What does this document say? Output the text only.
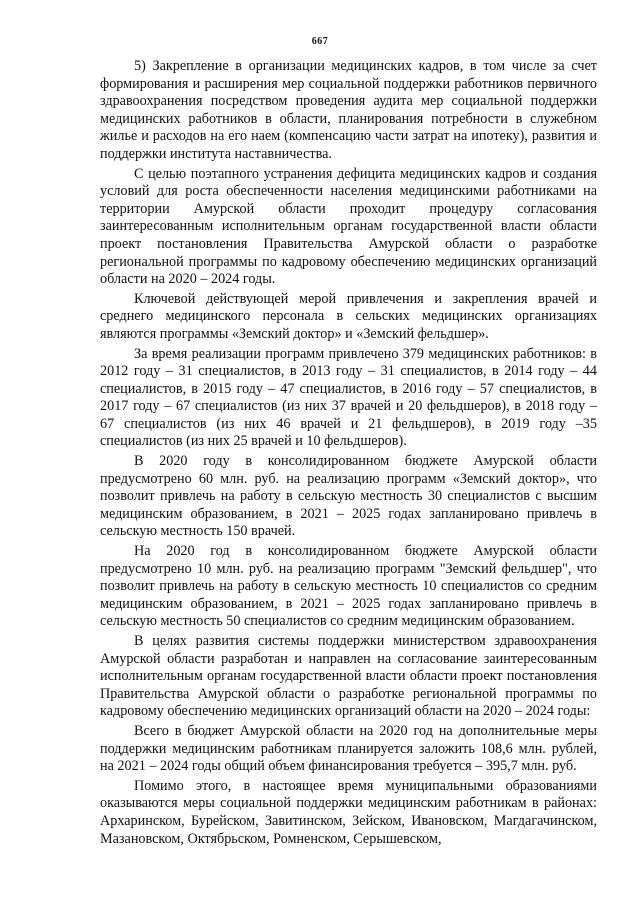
667

5) Закрепление в организации медицинских кадров, в том числе за счет формирования и расширения мер социальной поддержки работников первичного здравоохранения посредством проведения аудита мер социальной поддержки медицинских работников в области, планирования потребности в служебном жилье и расходов на его наем (компенсацию части затрат на ипотеку), развития и поддержки института наставничества.

С целью поэтапного устранения дефицита медицинских кадров и создания условий для роста обеспеченности населения медицинскими работниками на территории Амурской области проходит процедуру согласования заинтересованным исполнительным органам государственной власти области проект постановления Правительства Амурской области о разработке региональной программы по кадровому обеспечению медицинских организаций области на 2020 – 2024 годы.

Ключевой действующей мерой привлечения и закрепления врачей и среднего медицинского персонала в сельских медицинских организациях являются программы «Земский доктор» и «Земский фельдшер».

За время реализации программ привлечено 379 медицинских работников: в 2012 году – 31 специалистов, в 2013 году – 31 специалистов, в 2014 году – 44 специалистов, в 2015 году – 47 специалистов, в 2016 году – 57 специалистов, в 2017 году – 67 специалистов (из них 37 врачей и 20 фельдшеров), в 2018 году – 67 специалистов (из них 46 врачей и 21 фельдшеров), в 2019 году –35 специалистов (из них 25 врачей и 10 фельдшеров).

В 2020 году в консолидированном бюджете Амурской области предусмотрено 60 млн. руб. на реализацию программ «Земский доктор», что позволит привлечь на работу в сельскую местность 30 специалистов с высшим медицинским образованием, в 2021 – 2025 годах запланировано привлечь в сельскую местность 150 врачей.

На 2020 год в консолидированном бюджете Амурской области предусмотрено 10 млн. руб. на реализацию программ "Земский фельдшер", что позволит привлечь на работу в сельскую местность 10 специалистов со средним медицинским образованием, в 2021 – 2025 годах запланировано привлечь в сельскую местность 50 специалистов со средним медицинским образованием.

В целях развития системы поддержки министерством здравоохранения Амурской области разработан и направлен на согласование заинтересованным исполнительным органам государственной власти области проект постановления Правительства Амурской области о разработке региональной программы по кадровому обеспечению медицинских организаций области на 2020 – 2024 годы:

Всего в бюджет Амурской области на 2020 год на дополнительные меры поддержки медицинским работникам планируется заложить 108,6 млн. рублей, на 2021 – 2024 годы общий объем финансирования требуется – 395,7 млн. руб.

Помимо этого, в настоящее время муниципальными образованиями оказываются меры социальной поддержки медицинским работникам в районах: Архаринском, Бурейском, Завитинском, Зейском, Ивановском, Магдагачинском, Мазановском, Октябрьском, Ромненском, Серышевском,
